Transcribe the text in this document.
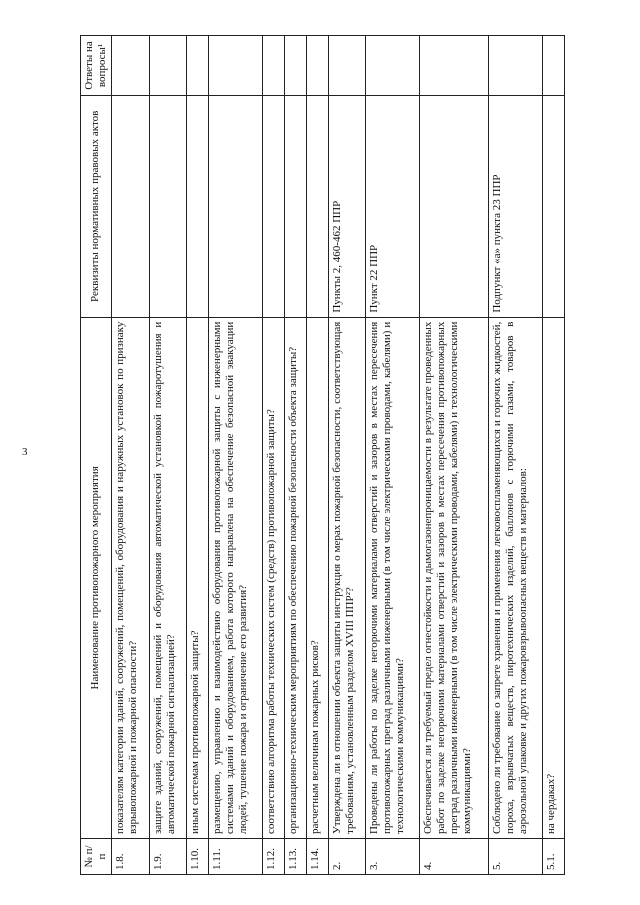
3
№ п/п	Наименование противопожарного мероприятия	Реквизиты нормативных правовых актов	Ответы на вопросы¹
1.8.	показателям категории зданий, сооружений, помещений, оборудования и наружных установок по признаку взрывопожарной и пожарной опасности?		
1.9.	защите зданий, сооружений, помещений и оборудования автоматической установкой пожаротушения и автоматической пожарной сигнализацией?		
1.10.	иным системам противопожарной защиты?		
1.11.	размещению, управлению и взаимодействию оборудования противопожарной защиты с инженерными системами зданий и оборудованием, работа которого направлена на обеспечение безопасной эвакуации людей, тушение пожара и ограничение его развития?		
1.12.	соответствию алгоритма работы технических систем (средств) противопожарной защиты?		
1.13.	организационно-техническим мероприятиям по обеспечению пожарной безопасности объекта защиты?		
1.14.	расчетным величинам пожарных рисков?		
2.	Утверждена ли в отношении объекта защиты инструкция о мерах пожарной безопасности, соответствующая требованиям, установленным разделом XVIII ППР²?	Пункты 2, 460-462 ППР	
3.	Проведены ли работы по заделке негорючими материалами отверстий и зазоров в местах пересечения противопожарных преград различными инженерными (в том числе электрическими проводами, кабелями) и технологическими коммуникациями?	Пункт 22 ППР	
4.	Обеспечивается ли требуемый предел огнестойкости и дымогазонепроницаемости в результате проведенных работ по заделке негорючими материалами отверстий и зазоров в местах пересечения противопожарных преград различными инженерными (в том числе электрическими проводами, кабелями) и технологическими коммуникациями?		
5.	Соблюдено ли требование о запрете хранения и применения легковоспламеняющихся и горючих жидкостей, пороха, взрывчатых веществ, пиротехнических изделий, баллонов с горючими газами, товаров в аэрозольной упаковке и других пожаровзрывоопасных веществ и материалов:	Подпункт «а» пункта 23 ППР	
5.1.	на чердаках?		
